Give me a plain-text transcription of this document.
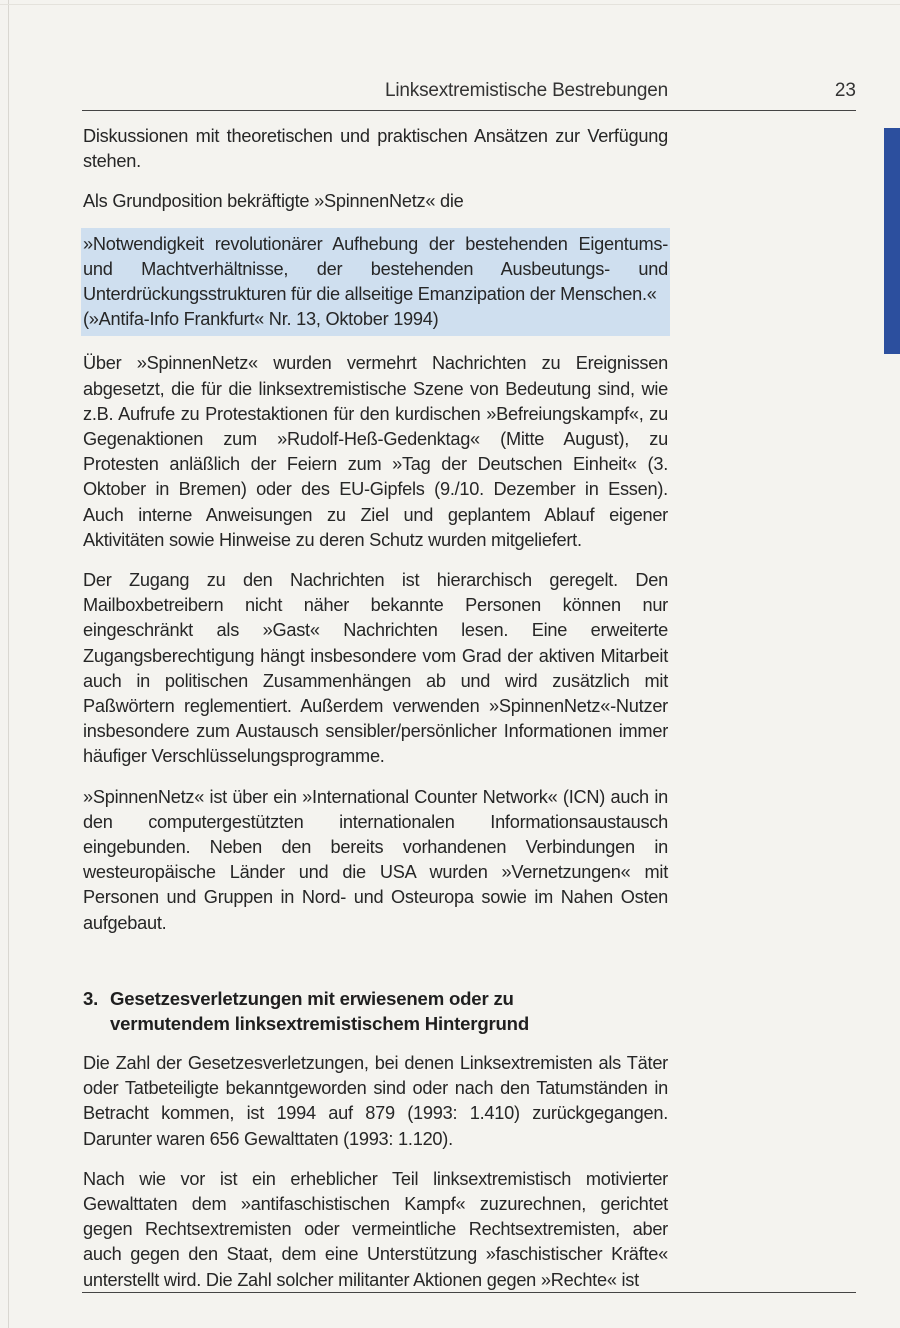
Linksextremistische Bestrebungen	23

Diskussionen mit theoretischen und praktischen Ansätzen zur Verfügung stehen.

Als Grundposition bekräftigte »SpinnenNetz« die

»Notwendigkeit revolutionärer Aufhebung der bestehenden Eigentums- und Machtverhältnisse, der bestehenden Ausbeutungs- und Unterdrückungsstrukturen für die allseitige Emanzipation der Menschen.«

(»Antifa-Info Frankfurt« Nr. 13, Oktober 1994)

Über »SpinnenNetz« wurden vermehrt Nachrichten zu Ereignissen abgesetzt, die für die linksextremistische Szene von Bedeutung sind, wie z.B. Aufrufe zu Protestaktionen für den kurdischen »Befreiungskampf«, zu Gegenaktionen zum »Rudolf-Heß-Gedenktag« (Mitte August), zu Protesten anläßlich der Feiern zum »Tag der Deutschen Einheit« (3. Oktober in Bremen) oder des EU-Gipfels (9./10. Dezember in Essen). Auch interne Anweisungen zu Ziel und geplantem Ablauf eigener Aktivitäten sowie Hinweise zu deren Schutz wurden mitgeliefert.

Der Zugang zu den Nachrichten ist hierarchisch geregelt. Den Mailboxbetreibern nicht näher bekannte Personen können nur eingeschränkt als »Gast« Nachrichten lesen. Eine erweiterte Zugangsberechtigung hängt insbesondere vom Grad der aktiven Mitarbeit auch in politischen Zusammenhängen ab und wird zusätzlich mit Paßwörtern reglementiert. Außerdem verwenden »SpinnenNetz«-Nutzer insbesondere zum Austausch sensibler/persönlicher Informationen immer häufiger Verschlüsselungsprogramme.

»SpinnenNetz« ist über ein »International Counter Network« (ICN) auch in den computergestützten internationalen Informationsaustausch eingebunden. Neben den bereits vorhandenen Verbindungen in westeuropäische Länder und die USA wurden »Vernetzungen« mit Personen und Gruppen in Nord- und Osteuropa sowie im Nahen Osten aufgebaut.

3. Gesetzesverletzungen mit erwiesenem oder zu
vermutendem linksextremistischem Hintergrund

Die Zahl der Gesetzesverletzungen, bei denen Linksextremisten als Täter oder Tatbeteiligte bekanntgeworden sind oder nach den Tatumständen in Betracht kommen, ist 1994 auf 879 (1993: 1.410) zurückgegangen. Darunter waren 656 Gewalttaten (1993: 1.120).

Nach wie vor ist ein erheblicher Teil linksextremistisch motivierter Gewalttaten dem »antifaschistischen Kampf« zuzurechnen, gerichtet gegen Rechtsextremisten oder vermeintliche Rechtsextremisten, aber auch gegen den Staat, dem eine Unterstützung »faschistischer Kräfte« unterstellt wird. Die Zahl solcher militanter Aktionen gegen »Rechte« ist
